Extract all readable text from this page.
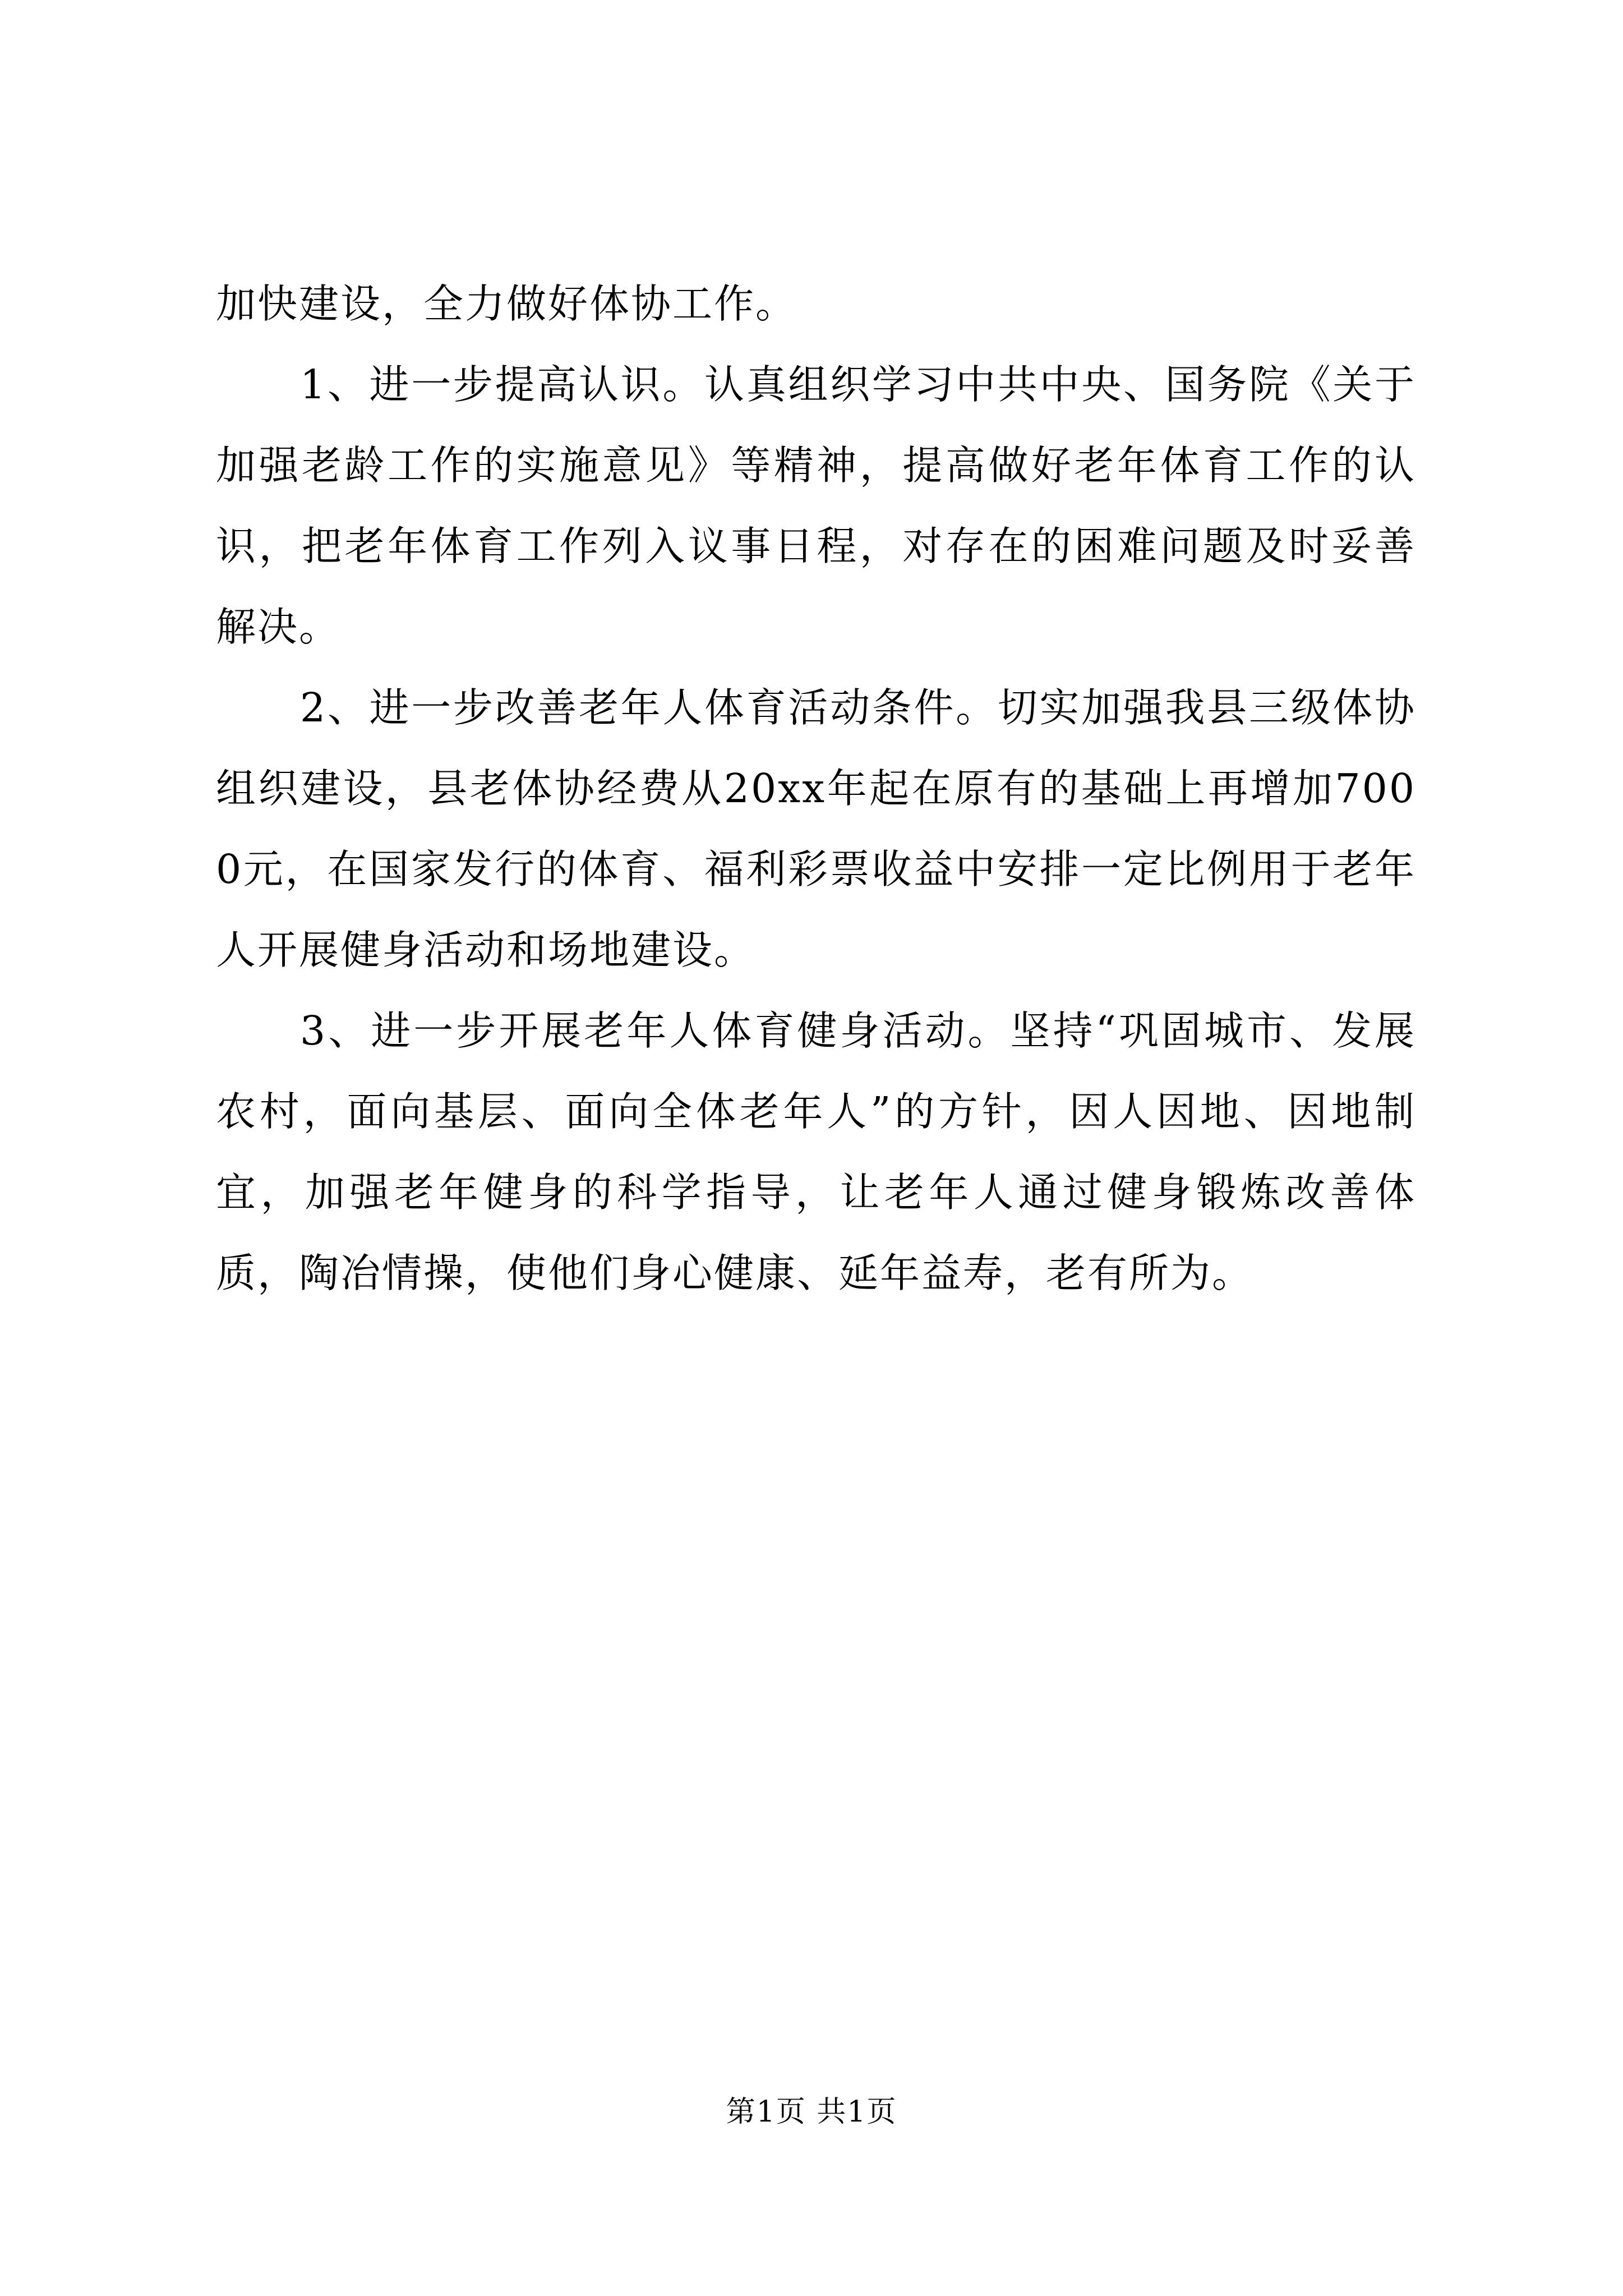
加快建设，全力做好体协工作。

1、进一步提高认识。认真组织学习中共中央、国务院《关于加强老龄工作的实施意见》等精神，提高做好老年体育工作的认识，把老年体育工作列入议事日程，对存在的困难问题及时妥善解决。

2、进一步改善老年人体育活动条件。切实加强我县三级体协组织建设，县老体协经费从20xx年起在原有的基础上再增加7000元，在国家发行的体育、福利彩票收益中安排一定比例用于老年人开展健身活动和场地建设。

3、进一步开展老年人体育健身活动。坚持“巩固城市、发展农村，面向基层、面向全体老年人”的方针，因人因地、因地制宜，加强老年健身的科学指导，让老年人通过健身锻炼改善体质，陶冶情操，使他们身心健康、延年益寿，老有所为。

第1页 共1页
